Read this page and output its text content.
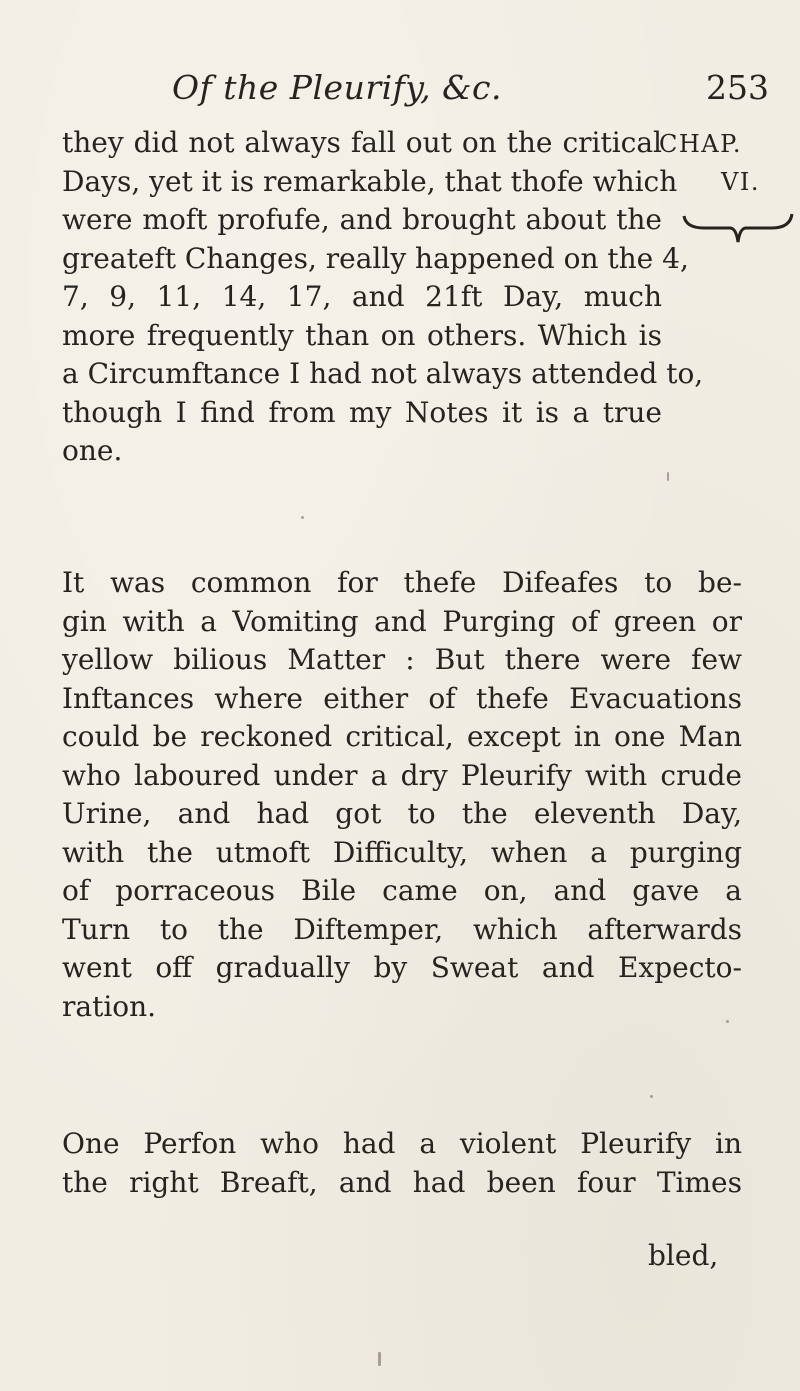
Of the Pleurify, &c.	253
CHAP.
VI.
they did not always fall out on the critical
Days, yet it is remarkable, that thofe which
were moft profufe, and brought about the
greateft Changes, really happened on the 4,
7, 9, 11, 14, 17, and 21ft Day, much
more frequently than on others. Which is
a Circumftance I had not always attended to,
though I find from my Notes it is a true
one.
It was common for thefe Difeafes to be-
gin with a Vomiting and Purging of green or
yellow bilious Matter : But there were few
Inftances where either of thefe Evacuations
could be reckoned critical, except in one Man
who laboured under a dry Pleurify with crude
Urine, and had got to the eleventh Day,
with the utmoft Difficulty, when a purging
of porraceous Bile came on, and gave a
Turn to the Diftemper, which afterwards
went off gradually by Sweat and Expecto-
ration.
One Perfon who had a violent Pleurify in
the right Breaft, and had been four Times
bled,
